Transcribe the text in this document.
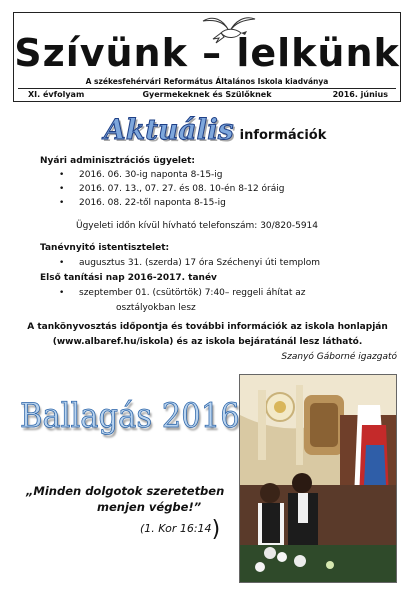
Szívünk – lelkünk
A székesfehérvári Református Általános Iskola kiadványa
Gyermekeknek és Szülőknek
XI. évfolyam	2016. június
Aktuális információk
Nyári adminisztrációs ügyelet:
• 2016. 06. 30-ig naponta 8-15-ig
• 2016. 07. 13., 07. 27. és 08. 10-én 8-12 óráig
• 2016. 08. 22-től naponta 8-15-ig
Ügyeleti időn kívül hívható telefonszám: 30/820-5914
Tanévnyitó istentisztelet:
• augusztus 31. (szerda) 17 óra Széchenyi úti templom
Első tanítási nap 2016-2017. tanév
• szeptember 01. (csütörtök) 7:40– reggeli áhítat az
osztályokban lesz
A tankönyvosztás időpontja és további információk az iskola honlapján
(www.albaref.hu/iskola) és az iskola bejáratánál lesz látható.
Szanyó Gáborné igazgató
Ballagás 2016
„Minden dolgotok szeretetben
menjen végbe!”
(1. Kor 16:14)
